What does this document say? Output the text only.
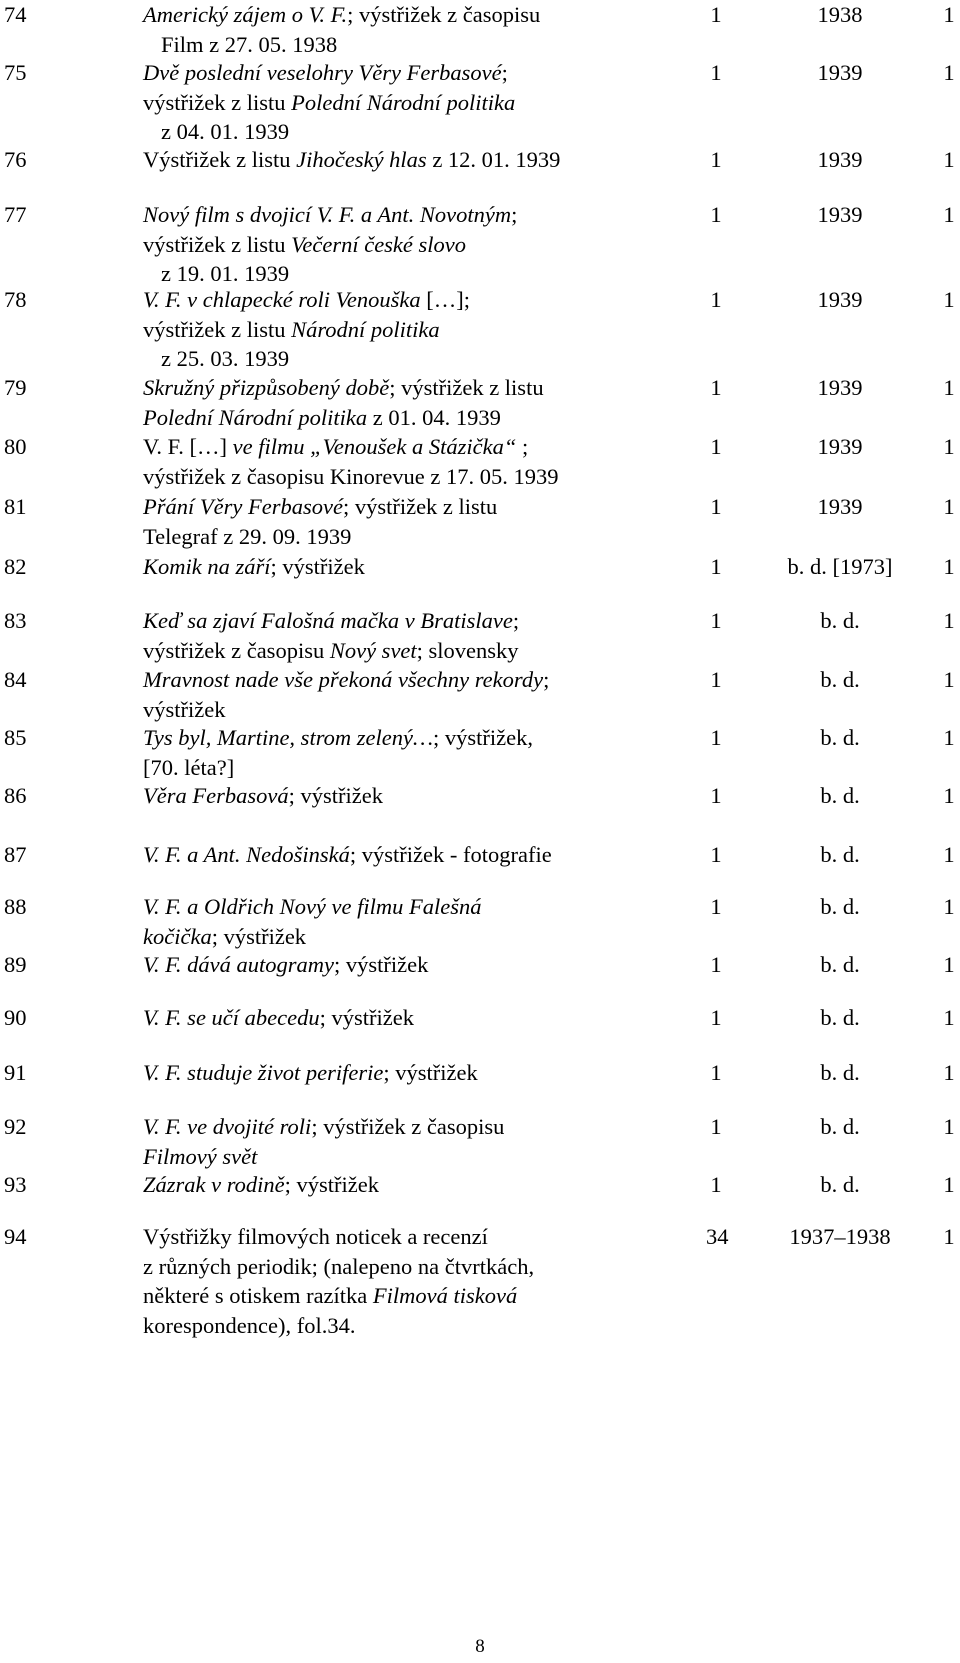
74	Americký zájem o V. F.; výstřižek z časopisu
Film z 27. 05. 1938
1	1938	1
75	Dvě poslední veselohry Věry Ferbasové;
výstřižek z listu Polední Národní politika
z 04. 01. 1939
1	1939	1
76	Výstřižek z listu Jihočeský hlas z 12. 01. 1939	1	1939	1
77	Nový film s dvojicí V. F. a Ant. Novotným;
výstřižek z listu Večerní české slovo
z 19. 01. 1939
1	1939	1
78	V. F. v chlapecké roli Venouška […];
výstřižek z listu Národní politika
z 25. 03. 1939
1	1939	1
79	Skružný přizpůsobený době; výstřižek z listu
Polední Národní politika z 01. 04. 1939
1	1939	1
80	V. F. […] ve filmu „Venoušek a Stázička“ ;
výstřižek z časopisu Kinorevue z 17. 05. 1939
1	1939	1
81	Přání Věry Ferbasové; výstřižek z listu
Telegraf z 29. 09. 1939
1	1939	1
82	Komik na září; výstřižek	1	b. d. [1973]	1
83	Keď sa zjaví Falošná mačka v Bratislave;
výstřižek z časopisu Nový svet; slovensky
1	b. d.	1
84	Mravnost nade vše překoná všechny rekordy;
výstřižek
1	b. d.	1
85	Tys byl, Martine, strom zelený…; výstřižek,
[70. léta?]
1	b. d.	1
86	Věra Ferbasová; výstřižek	1	b. d.	1
87	V. F. a Ant. Nedošinská; výstřižek - fotografie	1	b. d.	1
88	V. F. a Oldřich Nový ve filmu Falešná
kočička; výstřižek
1	b. d.	1
89	V. F. dává autogramy; výstřižek	1	b. d.	1
90	V. F. se učí abecedu; výstřižek	1	b. d.	1
91	V. F. studuje život periferie; výstřižek	1	b. d.	1
92	V. F. ve dvojité roli; výstřižek z časopisu
Filmový svět
1	b. d.	1
93	Zázrak v rodině; výstřižek	1	b. d.	1
94	Výstřižky filmových noticek a recenzí
z různých periodik; (nalepeno na čtvrtkách,
některé s otiskem razítka Filmová tisková
korespondence), fol.34.
34	1937–1938	1
8
